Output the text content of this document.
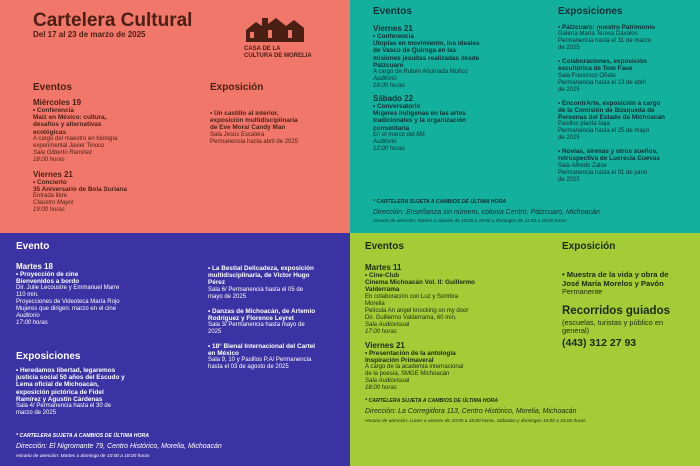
Cartelera Cultural
Del 17 al 23 de marzo de 2025
CASA DE LA
CULTURA DE MORELIA
Eventos
Miércoles 19
• Conferencia
Maíz en México: cultura,
desafíos y alternativas
ecológicas
A cargo del maestro en biología
experimental Javier Tinoco
Sala Gilberto Ramírez
18:00 horas
Viernes 21
• Concierto
35 Aniversario de Bola Suriana
Entrada libre
Claustro Mayor
19:00 horas
Exposición
• Un castillo al interior,
exposición multidisciplinaria
de Eve Mora/ Candy Man
Sala Jesús Escalera
Permanencia hasta abril de 2025
Eventos
Viernes 21
• Conferencia
Utopías en movimiento, los ideales
de Vasco de Quiroga en las
misiones jesuitas realizadas desde
Pátzcuaro
A cargo de Rubén Ahumada Muñoz
Auditorio
18:00 horas
Sábado 22
• Conversatorio
Mujeres indígenas en las artes
tradicionales y la organización
comunitaria
En el marco del 8M
Auditorio
12:00 horas
Exposiciones
• Pátzcuaro: nuestro Patrimonio
Galería María Teresa Dávalos
Permanencia hasta el 31 de marzo
de 2025
• Colaboraciones, exposición
escultórica de Tom Faue
Sala Francisco Oñate
Permanencia hasta el 13 de abril
de 2025
• EncontrArte, exposición a cargo
de la Comisión de Búsqueda de
Personas del Estado de Michoacán
Pasillos planta baja
Permanencia hasta el 25 de mayo
de 2025
• Novias, sirenas y otros sueños,
retrospectiva de Lucrecia Cuevas
Sala Alfredo Zalce
Permanencia hasta el 01 de junio
de 2025
* CARTELERA SUJETA A CAMBIOS DE ÚLTIMA HORA
Dirección: Enseñanza sin número, colonia Centro, Pátzcuaro, Michoacán
Horario de atención: Martes a sábado de 10:00 a 19:00 y domingos de 11:00 a 18:00 horas
Evento
Martes 18
• Proyección de cine
Bienvenidos a bordo
Dir. Julie Lecoustre y Emmanuel Marre
110 min.
Proyecciones de Videoteca María Rojo
Mujeres que dirigen: marzo en el cine
Auditorio
17:00 horas
Exposiciones
• Heredamos libertad, legaremos
justicia social 50 años del Escudo y
Lema oficial de Michoacán,
exposición pictórica de Fidel
Ramírez y Agustín Cárdenas
Sala 4/ Permanencia hasta el 30 de
marzo de 2025
• La Bestial Delicadeza, exposición
multidisciplinaria, de Víctor Hugo
Pérez
Sala 6/ Permanencia hasta el 05 de
mayo de 2025
• Danzas de Michoacán, de Artemio
Rodríguez y Florence Leyret
Sala 3/ Permanencia hasta mayo de
2025
• 18° Bienal Internacional del Cartel
en México
Sala 9, 10 y Pasillos P.A/ Permanencia
hasta el 03 de agosto de 2025
* CARTELERA SUJETA A CAMBIOS DE ÚLTIMA HORA
Dirección: El Nigromante 79, Centro Histórico, Morelia, Michoacán
Horario de atención: Martes a domingo de 10:00 a 18:00 horas
Eventos
Martes 11
• Cine-Club
Cinema Michoacán Vol. II: Guillermo
Valderrama
En colaboración con Luz y Sombra
Morelia
Película An angel knocking on my door
Dir. Guillermo Valderrama, 60 min.
Sala Audiovisual
17:00 horas
Viernes 21
• Presentación de la antología
Inspiración Primaveral
A cargo de la academia internacional
de la poesía, SMGE Michoacán
Sala Audiovisual
18:00 horas
Exposición
• Muestra de la vida y obra de
José María Morelos y Pavón
Permanente
Recorridos guiados
(escuelas, turistas y público en
general)
(443) 312 27 93
* CARTELERA SUJETA A CAMBIOS DE ÚLTIMA HORA
Dirección: La Corregidora 113, Centro Histórico, Morelia, Michoacán
Horario de atención: Lunes a viernes de 10:00 a 18:00 horas. Sábados y domingos 10:00 a 16:00 horas
